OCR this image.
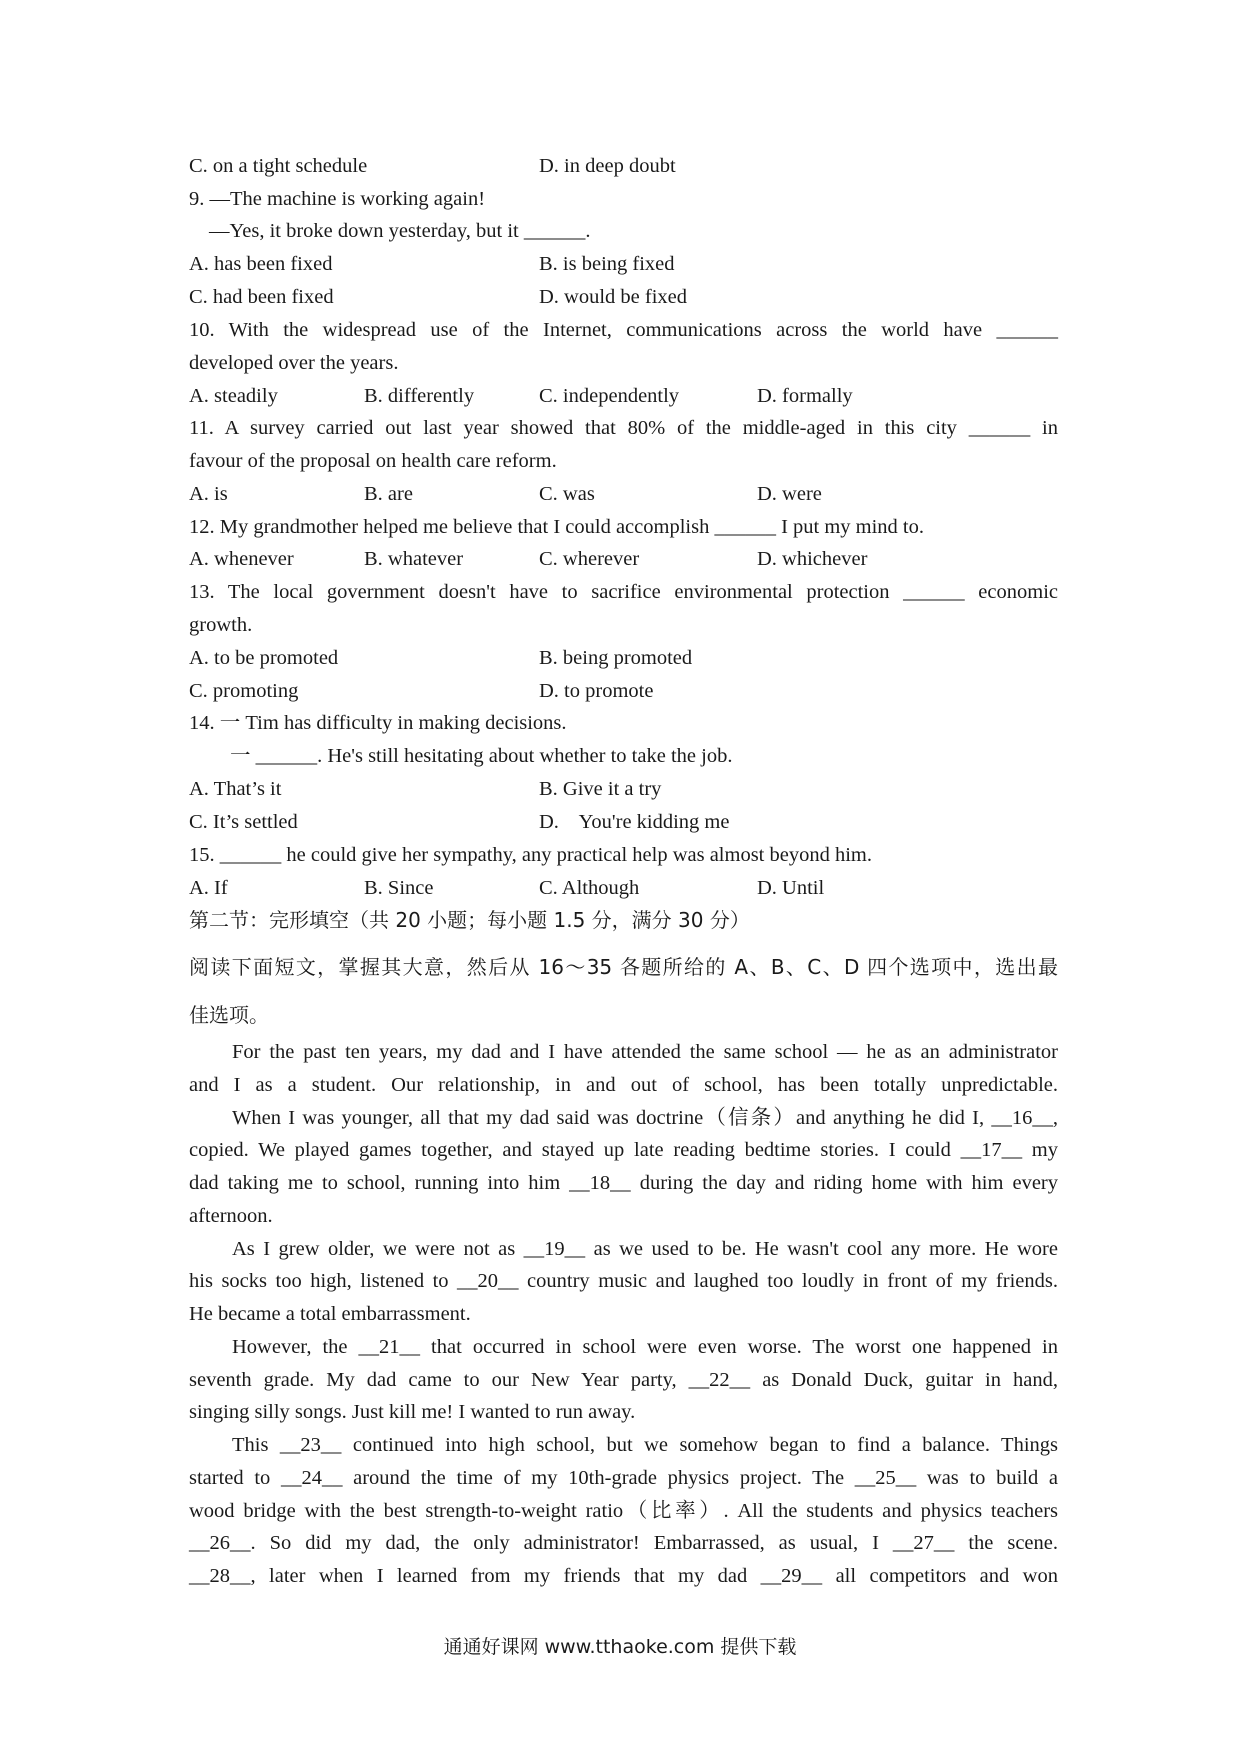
C. on a tight schedule	D. in deep doubt
9. —The machine is working again!
—Yes, it broke down yesterday, but it ______.
A. has been fixed	B. is being fixed
C. had been fixed	D. would be fixed
10. With the widespread use of the Internet, communications across the world have ______
developed over the years.
A. steadily	B. differently	C. independently	D. formally
11. A survey carried out last year showed that 80% of the middle-aged in this city ______ in
favour of the proposal on health care reform.
A. is	B. are	C. was	D. were
12. My grandmother helped me believe that I could accomplish ______ I put my mind to.
A. whenever	B. whatever	C. wherever	D. whichever
13. The local government doesn't have to sacrifice environmental protection ______ economic
growth.
A. to be promoted	B. being promoted
C. promoting	D. to promote
14. 一 Tim has difficulty in making decisions.
一 ______. He's still hesitating about whether to take the job.
A. That’s it	B. Give it a try
C. It’s settled	D.    You're kidding me
15. ______ he could give her sympathy, any practical help was almost beyond him.
A. If	B. Since	C. Although	D. Until
第二节：完形填空（共 20 小题；每小题 1.5 分，满分 30 分）
阅读下面短文，掌握其大意，然后从 16〜35 各题所给的 A、B、C、D 四个选项中，选出最
佳选项。
For the past ten years, my dad and I have attended the same school — he as an administrator
and I as a student. Our relationship, in and out of school, has been totally unpredictable.
When I was younger, all that my dad said was doctrine（信条）and anything he did I, __16__,
copied. We played games together, and stayed up late reading bedtime stories. I could __17__ my
dad taking me to school, running into him __18__ during the day and riding home with him every
afternoon.
As I grew older, we were not as __19__ as we used to be. He wasn't cool any more. He wore
his socks too high, listened to __20__ country music and laughed too loudly in front of my friends.
He became a total embarrassment.
However, the __21__ that occurred in school were even worse. The worst one happened in
seventh grade. My dad came to our New Year party, __22__ as Donald Duck, guitar in hand,
singing silly songs. Just kill me! I wanted to run away.
This __23__ continued into high school, but we somehow began to find a balance. Things
started to __24__ around the time of my 10th-grade physics project. The __25__ was to build a
wood bridge with the best strength-to-weight ratio（比率）. All the students and physics teachers
__26__. So did my dad, the only administrator! Embarrassed, as usual, I __27__ the scene.
__28__, later when I learned from my friends that my dad __29__ all competitors and won
通通好课网 www.tthaoke.com 提供下载
